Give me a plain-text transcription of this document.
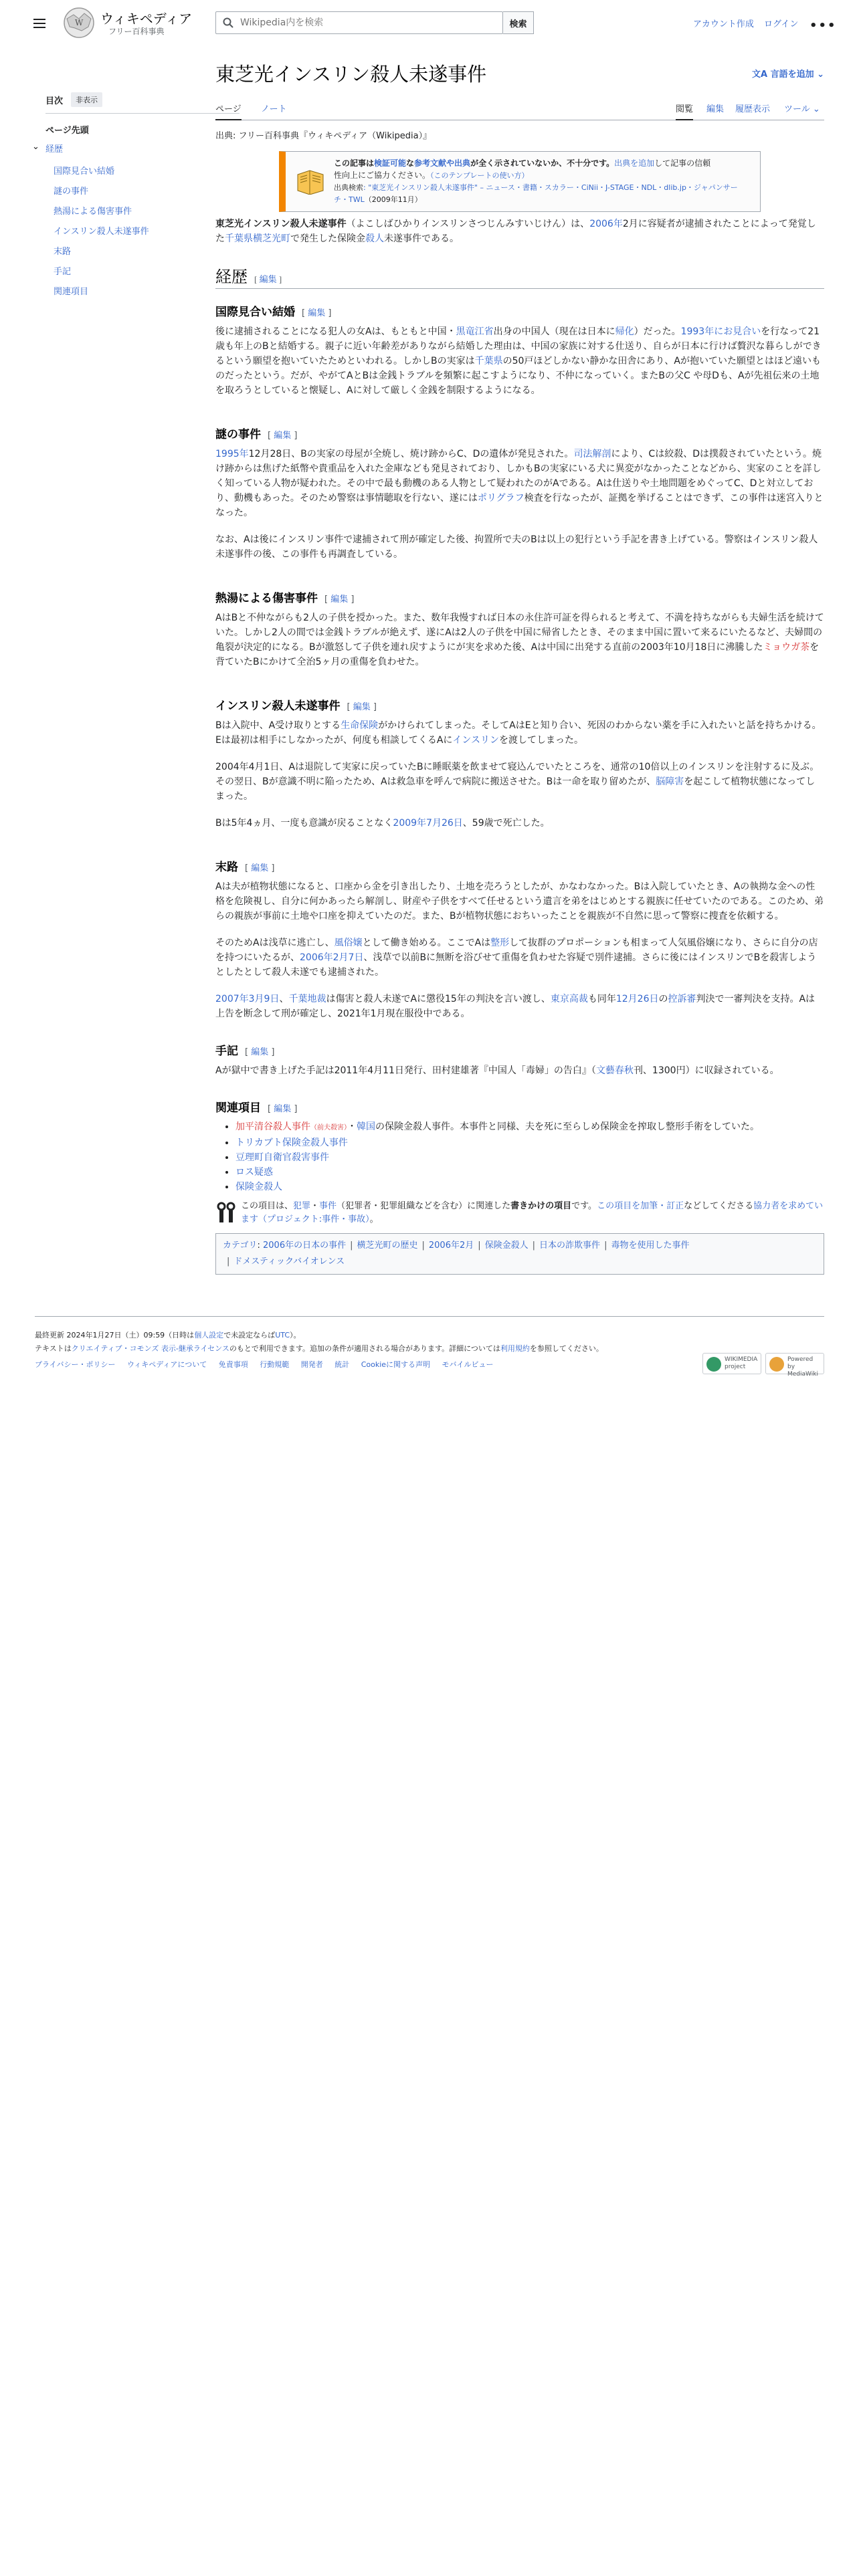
W ウィキペディア
フリー百科事典
Wikipedia内を検索
検索	アカウント作成 ログイン •••
目次	非表示
ページ先頭
⌄ 経歴
国際見合い結婚
謎の事件
熱湯による傷害事件
インスリン殺人未遂事件
末路
手記
関連項目
東芝光インスリン殺人未遂事件	文A 言語を追加 ⌄
ページ ノート	閲覧 編集 履歴表示 ツール ⌄
出典: フリー百科事典『ウィキペディア（Wikipedia）』
この記事は検証可能な参考文献や出典が全く示されていないか、不十分です。出典を追加して記事の信頼
性向上にご協力ください。（このテンプレートの使い方）
出典検索: "東芝光インスリン殺人未遂事件" – ニュース・書籍・スカラー・CiNii・J-STAGE・NDL・dlib.jp・ジャパンサー
チ・TWL（2009年11月）

東芝光インスリン殺人未遂事件（よこしばひかりインスリンさつじんみすいじけん）は、2006年2月に容疑者が逮捕されたことによって発覚した千葉県横芝光町で発生した保険金殺人未遂事件である。

経歴 [ 編集 ]
国際見合い結婚 [ 編集 ]

後に逮捕されることになる犯人の女Aは、もともと中国・黒竜江省出身の中国人（現在は日本に帰化）だった。1993年にお見合いを行なって21歳も年上のBと結婚する。親子に近い年齢差がありながら結婚した理由は、中国の家族に対する仕送り、自らが日本に行けば贅沢な暮らしができるという願望を抱いていたためといわれる。しかしBの実家は千葉県の50戸ほどしかない静かな田舎にあり、Aが抱いていた願望とはほど遠いものだったという。だが、やがてAとBは金銭トラブルを頻繁に起こすようになり、不仲になっていく。またBの父C や母Dも、Aが先祖伝来の土地を取ろうとしていると懐疑し、Aに対して厳しく金銭を制限するようになる。

謎の事件 [ 編集 ]

1995年12月28日、Bの実家の母屋が全焼し、焼け跡からC、Dの遺体が発見された。司法解剖により、Cは絞殺、Dは撲殺されていたという。焼け跡からは焦げた紙幣や貴重品を入れた金庫なども発見されており、しかもBの実家にいる犬に異変がなかったことなどから、実家のことを詳しく知っている人物が疑われた。その中で最も動機のある人物として疑われたのがAである。Aは仕送りや土地問題をめぐってC、Dと対立しており、動機もあった。そのため警察は事情聴取を行ない、遂にはポリグラフ検査を行なったが、証拠を挙げることはできず、この事件は迷宮入りとなった。

なお、Aは後にインスリン事件で逮捕されて刑が確定した後、拘置所で夫のBは以上の犯行という手記を書き上げている。警察はインスリン殺人未遂事件の後、この事件も再調査している。

熱湯による傷害事件 [ 編集 ]

AはBと不仲ながらも2人の子供を授かった。また、数年我慢すれば日本の永住許可証を得られると考えて、不満を持ちながらも夫婦生活を続けていた。しかし2人の間では金銭トラブルが絶えず、遂にAは2人の子供を中国に帰省したとき、そのまま中国に置いて来るにいたるなど、夫婦間の亀裂が決定的になる。Bが激怒して子供を連れ戻すようにが実を求めた後、Aは中国に出発する直前の2003年10月18日に沸騰したミョウガ茶を背ていたBにかけて全治5ヶ月の重傷を負わせた。

インスリン殺人未遂事件 [ 編集 ]

Bは入院中、A受け取りとする生命保険がかけられてしまった。そしてAはEと知り合い、死因のわからない薬を手に入れたいと話を持ちかける。Eは最初は相手にしなかったが、何度も相談してくるAにインスリンを渡してしまった。

2004年4月1日、Aは退院して実家に戻っていたBに睡眠薬を飲ませて寝込んでいたところを、通常の10倍以上のインスリンを注射するに及ぶ。その翌日、Bが意識不明に陥ったため、Aは救急車を呼んで病院に搬送させた。Bは一命を取り留めたが、脳障害を起こして植物状態になってしまった。

Bは5年4ヵ月、一度も意識が戻ることなく2009年7月26日、59歳で死亡した。

末路 [ 編集 ]

Aは夫が植物状態になると、口座から金を引き出したり、土地を売ろうとしたが、かなわなかった。Bは入院していたとき、Aの執拗な金への性格を危険視し、自分に何かあったら解剖し、財産や子供をすべて任せるという遺言を弟をはじめとする親族に任せていたのである。このため、弟らの親族が事前に土地や口座を抑えていたのだ。また、Bが植物状態におちいったことを親族が不自然に思って警察に捜査を依頼する。

そのためAは浅草に逃亡し、風俗嬢として働き始める。ここでAは整形して抜群のプロポーションも相まって人気風俗嬢になり、さらに自分の店を持つにいたるが、2006年2月7日、浅草で以前Bに無断を浴びせて重傷を負わせた容疑で別件逮捕。さらに後にはインスリンでBを殺害しようとしたとして殺人未遂でも逮捕された。

2007年3月9日、千葉地裁は傷害と殺人未遂でAに懲役15年の判決を言い渡し、東京高裁も同年12月26日の控訴審判決で一審判決を支持。Aは上告を断念して刑が確定し、2021年1月現在服役中である。

手記 [ 編集 ]

Aが獄中で書き上げた手記は2011年4月11日発行、田村建雄著『中国人「毒婦」の告白』（文藝春秋刊、1300円）に収録されている。

関連項目 [ 編集 ]
• 加平清谷殺人事件（前夫殺害）・韓国の保険金殺人事件。本事件と同様、夫を死に至らしめ保険金を搾取し整形手術をしていた。
• トリカブト保険金殺人事件
• 豆理町自衛官殺害事件
• ロス疑惑
• 保険金殺人
この項目は、犯罪・事件（犯罪者・犯罪組織などを含む）に関連した書きかけの項目です。この項目を加筆・訂正などしてくださる協力者を求めています（プロジェクト:事件・事故）。
カテゴリ: 2006年の日本の事件 | 横芝光町の歴史 | 2006年2月 | 保険金殺人 | 日本の詐欺事件 | 毒物を使用した事件
| ドメスティックバイオレンス
最終更新 2024年1月27日（土）09:59（日時は個人設定で未設定ならばUTC）。
テキストはクリエイティブ・コモンズ 表示-継承ライセンスのもとで利用できます。追加の条件が適用される場合があります。詳細については利用規約を参照してください。
プライバシー・ポリシー ウィキペディアについて 免責事項 行動規範 開発者 統計 Cookieに関する声明 モバイルビュー
WIKIMEDIA project
Powered by MediaWiki
